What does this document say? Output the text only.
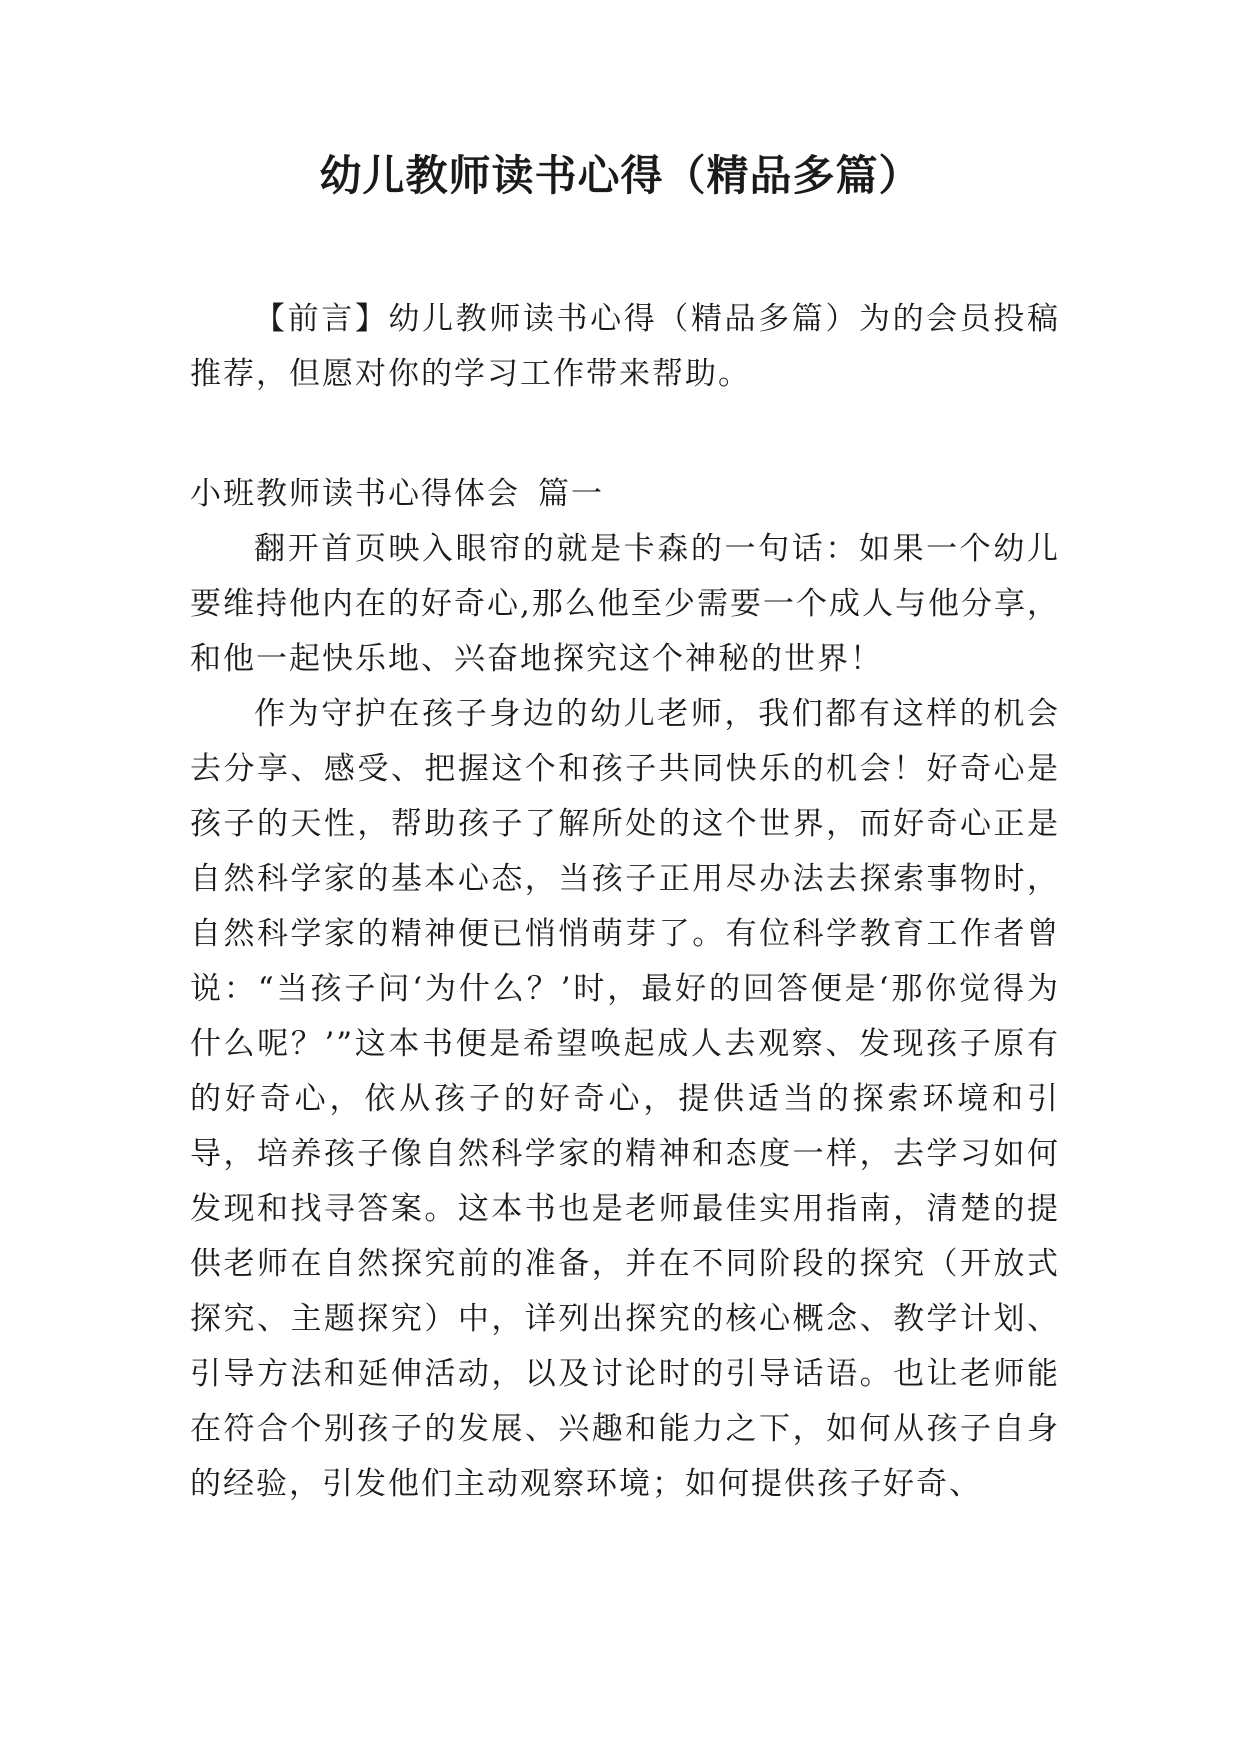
幼儿教师读书心得（精品多篇）

【前言】幼儿教师读书心得（精品多篇）为的会员投稿推荐，但愿对你的学习工作带来帮助。

小班教师读书心得体会 篇一

翻开首页映入眼帘的就是卡森的一句话：如果一个幼儿要维持他内在的好奇心,那么他至少需要一个成人与他分享，和他一起快乐地、兴奋地探究这个神秘的世界！

作为守护在孩子身边的幼儿老师，我们都有这样的机会去分享、感受、把握这个和孩子共同快乐的机会！好奇心是孩子的天性，帮助孩子了解所处的这个世界，而好奇心正是自然科学家的基本心态，当孩子正用尽办法去探索事物时，自然科学家的精神便已悄悄萌芽了。有位科学教育工作者曾说：“当孩子问‘为什么？’时，最好的回答便是‘那你觉得为什么呢？’”这本书便是希望唤起成人去观察、发现孩子原有的好奇心，依从孩子的好奇心，提供适当的探索环境和引导，培养孩子像自然科学家的精神和态度一样，去学习如何发现和找寻答案。这本书也是老师最佳实用指南，清楚的提供老师在自然探究前的准备，并在不同阶段的探究（开放式探究、主题探究）中，详列出探究的核心概念、教学计划、引导方法和延伸活动，以及讨论时的引导话语。也让老师能在符合个别孩子的发展、兴趣和能力之下，如何从孩子自身的经验，引发他们主动观察环境；如何提供孩子好奇、
